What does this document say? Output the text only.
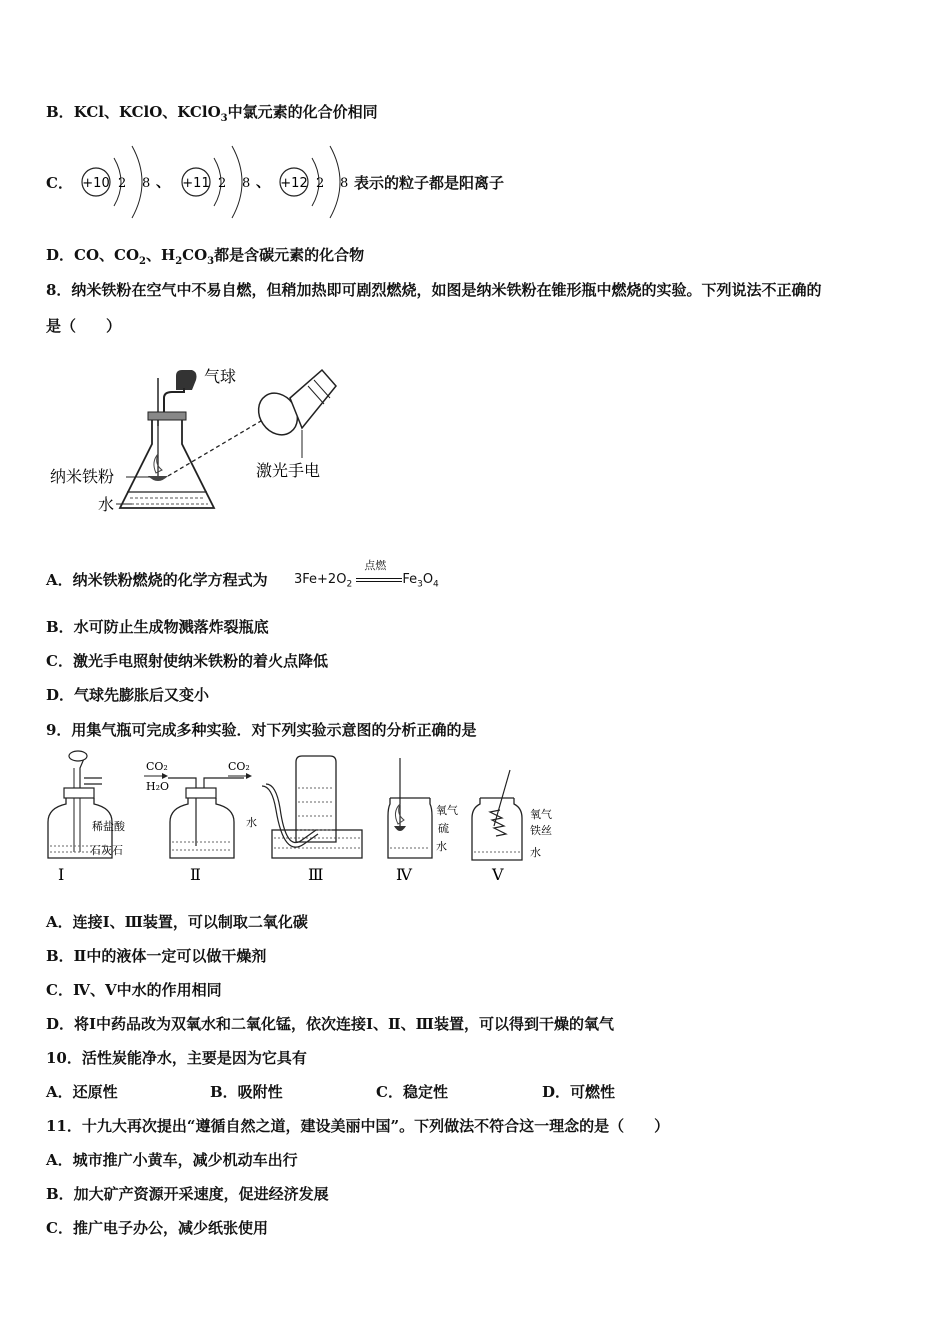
B．KCl、KClO、KClO$_3$中氯元素的化合价相同
C． +10 2 8 、 +11 2 8 、 +12 2 8 表示的粒子都是阳离子
D．CO、$CO_2$、$H_2CO_3$都是含碳元素的化合物
8．纳米铁粉在空气中不易自燃，但稍加热即可剧烈燃烧，如图是纳米铁粉在锥形瓶中燃烧的实验。下列说法不正确的
是（　　）
气球
纳米铁粉
水
激光手电
A．纳米铁粉燃烧的化学方程式为 $3Fe+2O_2$
点燃
$Fe_3O_4$
B．水可防止生成物溅落炸裂瓶底
C．激光手电照射使纳米铁粉的着火点降低
D．气球先膨胀后又变小
9．用集气瓶可完成多种实验．对下列实验示意图的分析正确的是
稀盐酸
石灰石
Ⅰ
CO₂
H₂O
CO₂
Ⅱ
水
Ⅲ
氧气
硫
水
Ⅳ
氧气
铁丝
水
Ⅴ
A．连接Ⅰ、Ⅲ装置，可以制取二氧化碳
B．Ⅱ中的液体一定可以做干燥剂
C．Ⅳ、Ⅴ中水的作用相同
D．将Ⅰ中药品改为双氧水和二氧化锰，依次连接Ⅰ、Ⅱ、Ⅲ装置，可以得到干燥的氧气
10．活性炭能净水，主要是因为它具有
A．还原性	B．吸附性	C．稳定性	D．可燃性
11．十九大再次提出“遵循自然之道，建设美丽中国”。下列做法不符合这一理念的是（　　）
A．城市推广小黄车，减少机动车出行
B．加大矿产资源开采速度，促进经济发展
C．推广电子办公，减少纸张使用
